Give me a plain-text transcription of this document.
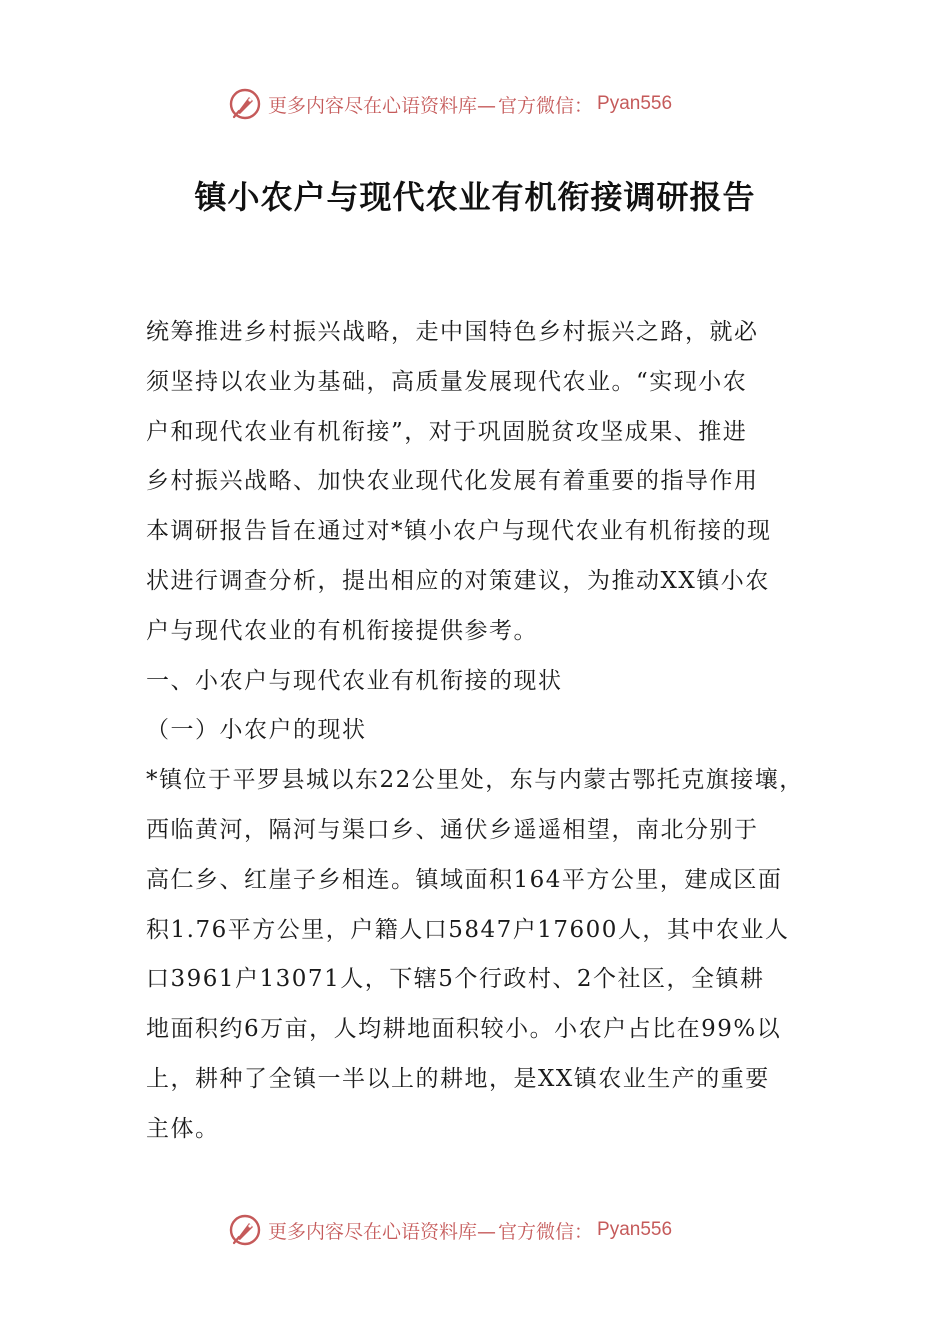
更多内容尽在心语资料库— 官方微信： Pyan556
镇小农户与现代农业有机衔接调研报告
统筹推进乡村振兴战略，走中国特色乡村振兴之路，就必
须坚持以农业为基础，高质量发展现代农业。“实现小农
户和现代农业有机衔接”，对于巩固脱贫攻坚成果、推进
乡村振兴战略、加快农业现代化发展有着重要的指导作用
本调研报告旨在通过对*镇小农户与现代农业有机衔接的现
状进行调查分析，提出相应的对策建议，为推动XX镇小农
户与现代农业的有机衔接提供参考。
一、小农户与现代农业有机衔接的现状
（一）小农户的现状
*镇位于平罗县城以东22公里处，东与内蒙古鄂托克旗接壤，
西临黄河，隔河与渠口乡、通伏乡遥遥相望，南北分别于
高仁乡、红崖子乡相连。镇域面积164平方公里，建成区面
积1.76平方公里，户籍人口5847户17600人，其中农业人
口3961户13071人，下辖5个行政村、2个社区，全镇耕
地面积约6万亩，人均耕地面积较小。小农户占比在99%以
上，耕种了全镇一半以上的耕地，是XX镇农业生产的重要
主体。
更多内容尽在心语资料库— 官方微信： Pyan556
